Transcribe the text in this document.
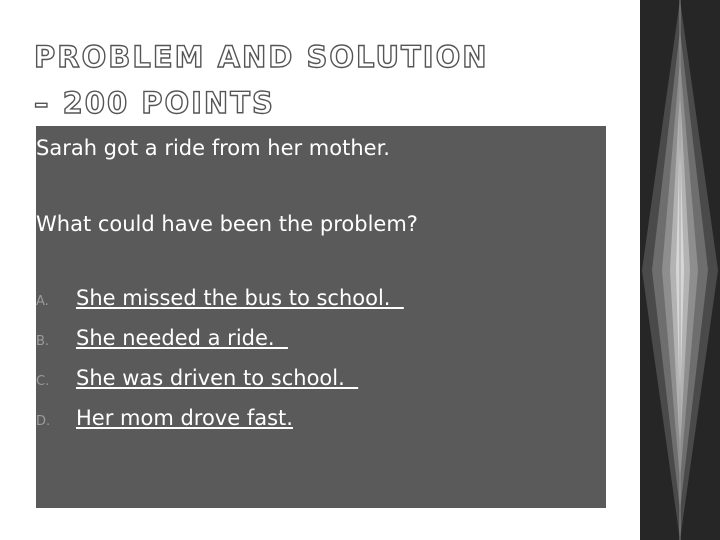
PROBLEM AND SOLUTION
– 200 POINTS
Sarah got a ride from her mother.
What could have been the problem?
A. She missed the bus to school.
B. She needed a ride.
C. She was driven to school.
D. Her mom drove fast.
